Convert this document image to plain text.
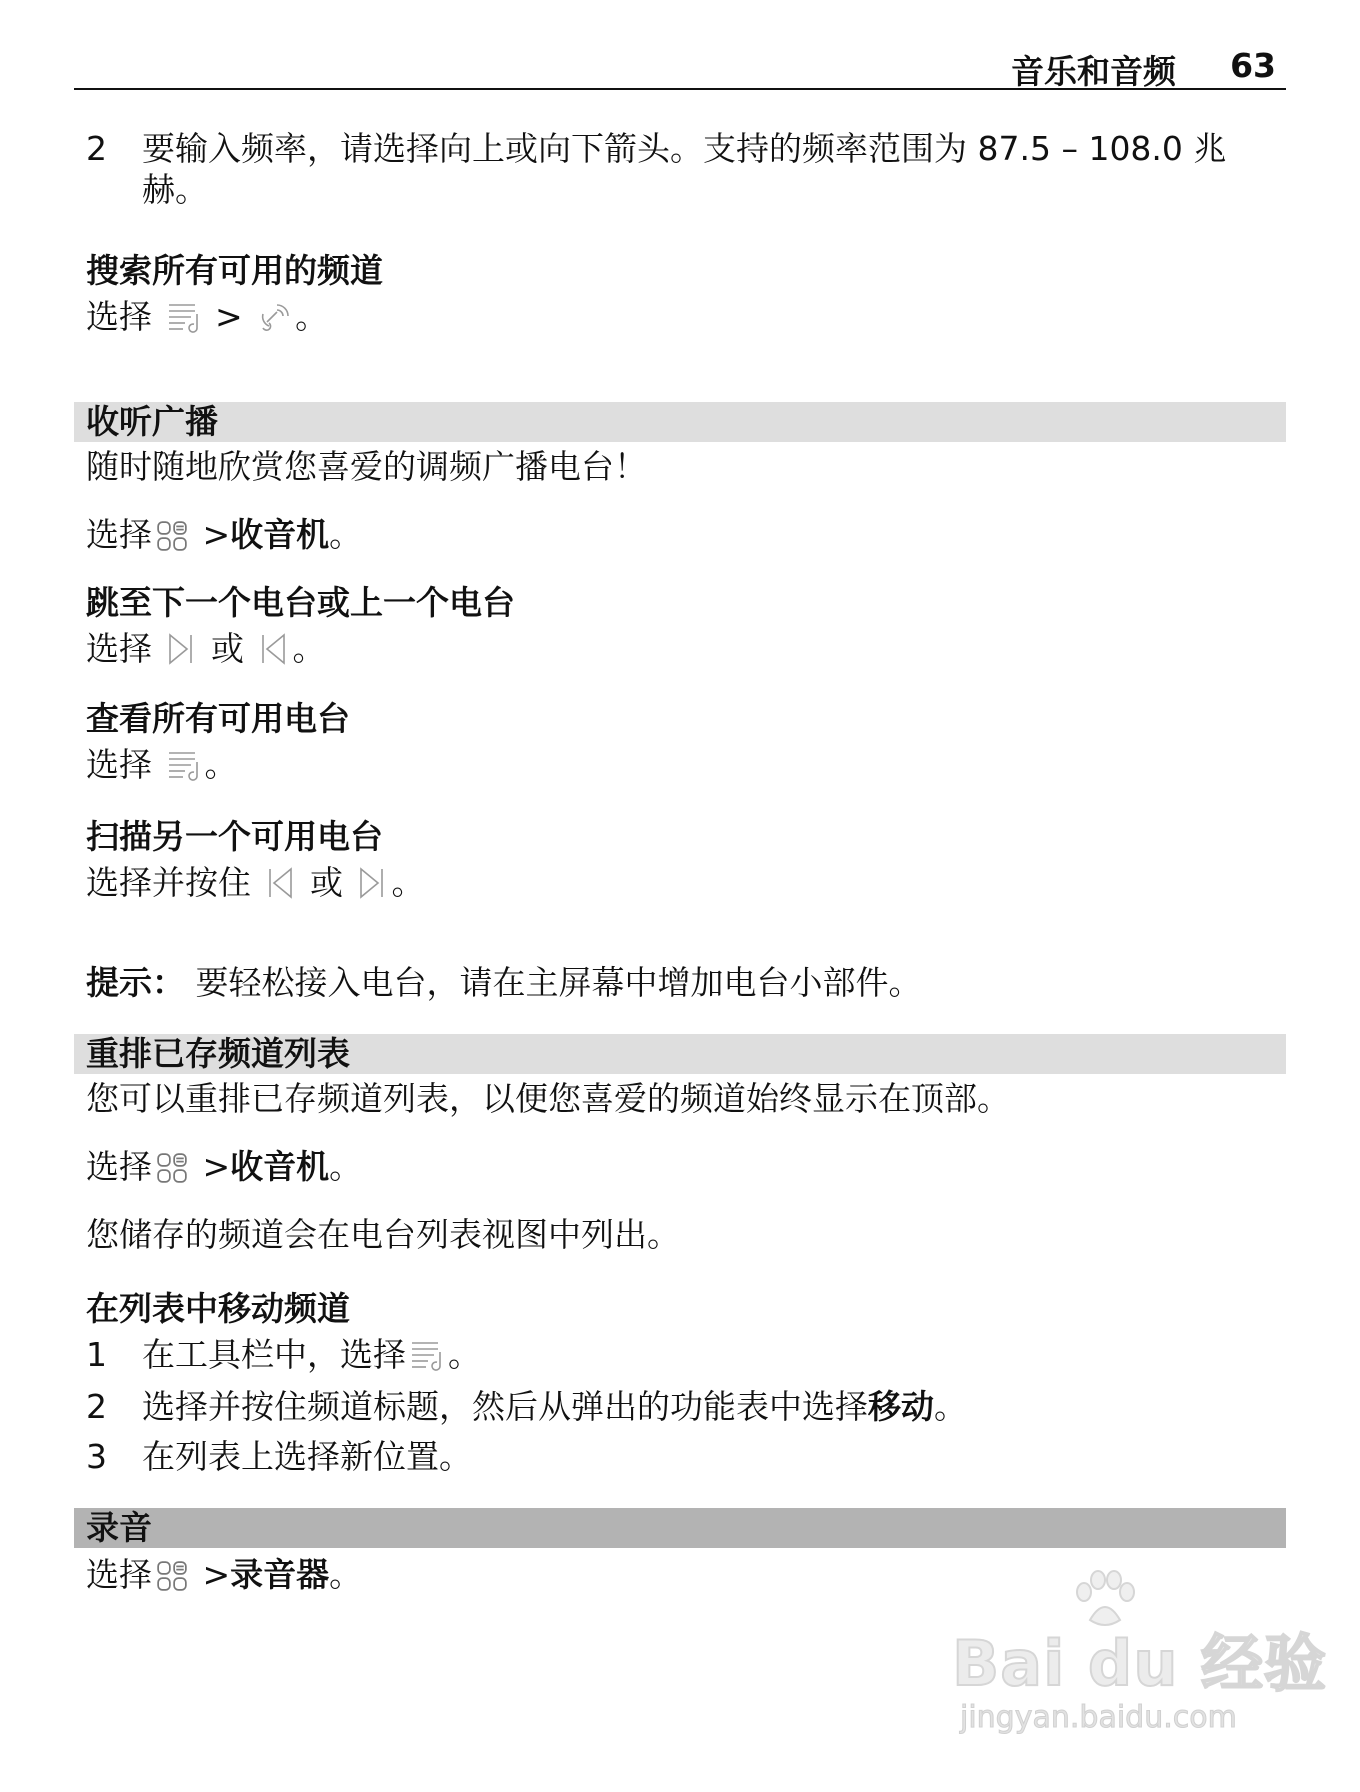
音乐和音频 63
2 要输入频率，请选择向上或向下箭头。支持的频率范围为 87.5 – 108.0 兆赫。
搜索所有可用的频道
选择 > 。
收听广播
随时随地欣赏您喜爱的调频广播电台！
选择 >收音机。
跳至下一个电台或上一个电台
选择 或 。
查看所有可用电台
选择 。
扫描另一个可用电台
选择并按住 或 。
提示： 要轻松接入电台，请在主屏幕中增加电台小部件。
重排已存频道列表
您可以重排已存频道列表，以便您喜爱的频道始终显示在顶部。
选择 >收音机。
您储存的频道会在电台列表视图中列出。
在列表中移动频道
1 在工具栏中，选择 。
2 选择并按住频道标题，然后从弹出的功能表中选择移动。
3 在列表上选择新位置。
录音
选择 >录音器。
Bai du 经验
jingyan.baidu.com
